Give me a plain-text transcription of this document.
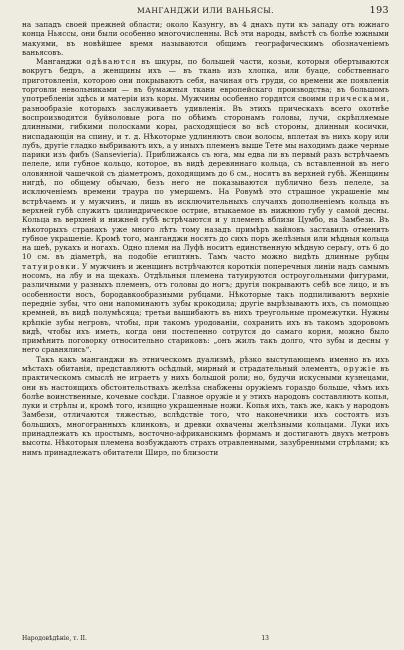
МАНГАНДЖИ ИЛИ ВАНЬЯСЫ.	193

на западъ своей прежней области; около Казунгу, въ 4 днахъ пути къ западу отъ южнаго конца Ньяссы, они были особенно многочисленны. Всѣ эти народы, вмѣстѣ съ болѣе южными макуями, въ новѣйшее время называются общимъ географическимъ обозначеніемъ ваньясовъ.

Манганджи одѣваются въ шкуры, по большей части, козьи, которыя обертываются вокругъ бедръ, а женщины ихъ — въ ткань изъ хлопка, или буаце, собственнаго приготовленія, которою они покрываютъ себя, начиная отъ груди, со времени же появленія торговли невольниками — въ бумажныя ткани европейскаго производства; въ большомъ употребленіи здѣсь и матеріи изъ коры. Мужчины особенно гордятся своими прическами, разнообразіе которыхъ заслуживаетъ удивленія. Въ этихъ прическахъ всего охотнѣе воспроизводятся буйволовые рога по обѣимъ сторонамъ головы, лучи, скрѣпляемые длинными, гибкими полосками коры, расходящіеся во всѣ стороны, длинныя косички, ниспадающія на спину, и т. д. Нѣкоторые удлиняютъ свои волосы, вплетая въ нихъ кору или лубъ, другіе гладко выбриваютъ ихъ, а у иныхъ племенъ выше Тете мы находимъ даже черные парики изъ фибъ (Sansevieria). Приближаясь съ юга, мы едва ли въ первый разъ встрѣчаемъ пелеле, или губное кольцо, которое, въ видѣ деревяннаго кольца, съ вставленной въ него оловянной чашечкой съ діаметромъ, доходящимъ до 6 см., носятъ въ верхней губѣ. Женщины нигдѣ, по общему обычаю, безъ него не показываются публично безъ пелеле, за исключеніемъ времени траура по умершемъ. На Ровумѣ это страшное украшеніе мы встрѣчаемъ и у мужчинъ, и лишь въ исключительныхъ случаяхъ дополненіемъ кольца въ верхней губѣ служитъ цилиндрическое острие, втыкаемое въ нижнюю губу у самой десны. Кольца въ верхней и нижней губѣ встрѣчаются и у племенъ вблизи Цумбо, на Замбези. Въ нѣкоторыхъ странахъ уже много лѣтъ тому назадъ примѣръ вайяовъ заставилъ отменить губное украшеніе. Кромѣ того, манганджи носятъ до сихъ поръ желѣзныя или мѣдныя кольца на шеѣ, рукахъ и ногахъ. Одно племя на Луфѣ носитъ единственную мѣдную серьгу, отъ 6 до 10 см. въ діаметрѣ, на подобіе египтянъ. Тамъ часто можно видѣть длинные рубцы татуировки. У мужчинъ и женщинъ встрѣчаются короткія поперечныя линіи надъ самымъ носомъ, на лбу и на щекахъ. Отдѣльныя племена татуируются остроугольными фигурами, различными у разныхъ племенъ, отъ головы до ногъ; другія покрываютъ себѣ все лицо, и въ особенности носъ, бородавкообразными рубцами. Нѣкоторые такъ подпиливаютъ верхніе передніе зубы, что они напоминаютъ зубы крокодила; другіе вырѣзываютъ ихъ, съ помощью кремней, въ видѣ полумѣсяца; третьи вышибаютъ въ нихъ треугольные промежутки. Нужны крѣпкіе зубы негровъ, чтобы, при такомъ уродованіи, сохранить ихъ въ такомъ здоровомъ видѣ, чтобы ихъ иметь, когда они постепенно сотрутся до самаго корня, можно было примѣнить поговорку относительно стариковъ: „онъ жилъ такъ долго, что зубы и десны у него сравнялись“.

Такъ какъ манганджи въ этническомъ дуализмѣ, рѣзко выступающемъ именно въ ихъ мѣстахъ обитанія, представляютъ осѣдлый, мирный и страдательный элементъ, оружіе въ практическомъ смыслѣ не играетъ у нихъ большой роли; но, будучи искусными кузнецами, они въ настоящихъ обстоятельствахъ желѣза снабжены оружіемъ гораздо больше, чѣмъ ихъ болѣе воинственные, кочевые сосѣди. Главное оружіе и у этихъ народовъ составляютъ копья, луки и стрѣлы и, кромѣ того, изящно украшенные ножи. Копья ихъ, такъ же, какъ у народовъ Замбези, отличаются тяжестью, вслѣдствіе того, что наконечники ихъ состоятъ изъ большихъ, многогранныхъ клинковъ, и древки охвачены желѣзными кольцами. Луки ихъ принадлежатъ къ простымъ, восточно-африканскимъ формамъ и достигаютъ двухъ метровъ высоты. Нѣкоторыя племена возбуждаютъ страхъ отравленными, зазубренными стрѣлами; къ нимъ принадлежатъ обитатели Ширэ, по близости

Народовѣдѣніе, т. II.	13
